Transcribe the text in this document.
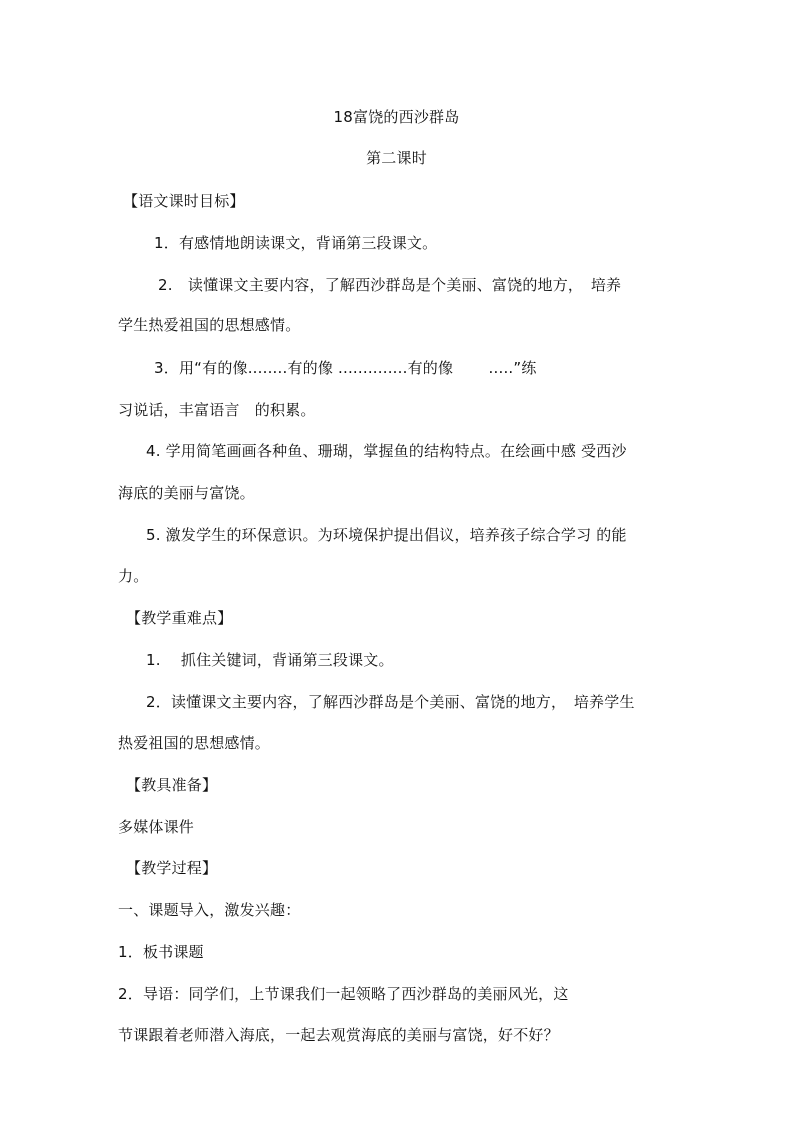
18富饶的西沙群岛
第二课时
【语文课时目标】
1．有感情地朗读课文，背诵第三段课文。
2.　读懂课文主要内容，了解西沙群岛是个美丽、富饶的地方，　培养
学生热爱祖国的思想感情。
3．用“有的像........有的像 ..............有的像　　 .....”练
习说话，丰富语言　的积累。
4. 学用简笔画画各种鱼、珊瑚，掌握鱼的结构特点。在绘画中感 受西沙
海底的美丽与富饶。
5. 激发学生的环保意识。为环境保护提出倡议，培养孩子综合学习 的能
力。
【教学重难点】
1.　 抓住关键词，背诵第三段课文。
2．读懂课文主要内容，了解西沙群岛是个美丽、富饶的地方，　培养学生
热爱祖国的思想感情。
【教具准备】
多媒体课件
【教学过程】
一、课题导入，激发兴趣：
1．板书课题
2．导语：同学们，上节课我们一起领略了西沙群岛的美丽风光，这
节课跟着老师潜入海底，一起去观赏海底的美丽与富饶，好不好？
